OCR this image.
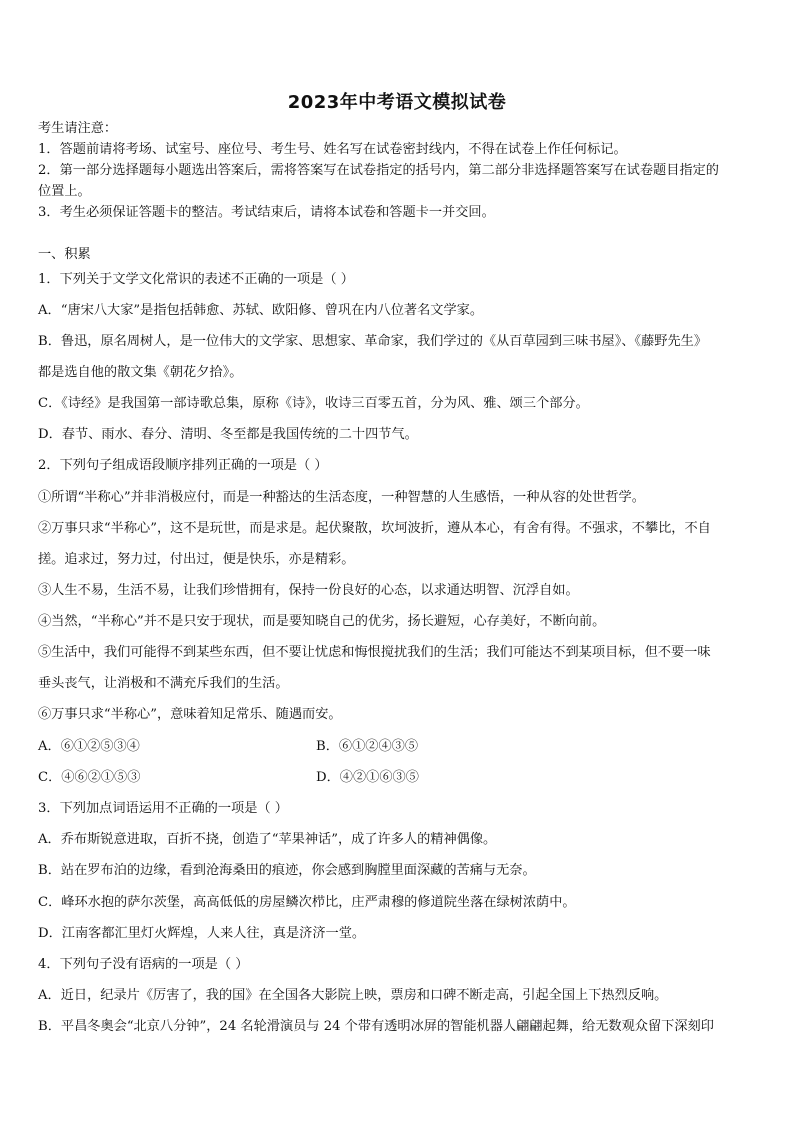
2023年中考语文模拟试卷
考生请注意：
1．答题前请将考场、试室号、座位号、考生号、姓名写在试卷密封线内，不得在试卷上作任何标记。
2．第一部分选择题每小题选出答案后，需将答案写在试卷指定的括号内，第二部分非选择题答案写在试卷题目指定的
位置上。
3．考生必须保证答题卡的整洁。考试结束后，请将本试卷和答题卡一并交回。
一、积累
1．下列关于文学文化常识的表述不正确的一项是（ ）
A．“唐宋八大家”是指包括韩愈、苏轼、欧阳修、曾巩在内八位著名文学家。
B．鲁迅，原名周树人，是一位伟大的文学家、思想家、革命家，我们学过的《从百草园到三味书屋》、《藤野先生》
都是选自他的散文集《朝花夕拾》。
C．《诗经》是我国第一部诗歌总集，原称《诗》，收诗三百零五首，分为风、雅、颂三个部分。
D．春节、雨水、春分、清明、冬至都是我国传统的二十四节气。
2．下列句子组成语段顺序排列正确的一项是（ ）
①所谓“半称心”并非消极应付，而是一种豁达的生活态度，一种智慧的人生感悟，一种从容的处世哲学。
②万事只求“半称心”，这不是玩世，而是求是。起伏聚散，坎坷波折，遵从本心，有舍有得。不强求，不攀比，不自
搓。追求过，努力过，付出过，便是快乐，亦是精彩。
③人生不易，生活不易，让我们珍惜拥有，保持一份良好的心态，以求通达明智、沉浮自如。
④当然，“半称心”并不是只安于现状，而是要知晓自己的优劣，扬长避短，心存美好，不断向前。
⑤生活中，我们可能得不到某些东西，但不要让忧虑和悔恨搅扰我们的生活；我们可能达不到某项目标，但不要一味
垂头丧气，让消极和不满充斥我们的生活。
⑥万事只求“半称心”，意味着知足常乐、随遇而安。
A．⑥①②⑤③④	B．⑥①②④③⑤
C．④⑥②①⑤③	D．④②①⑥③⑤
3．下列加点词语运用不正确的一项是（ ）
A．乔布斯锐意进取，百折不挠，创造了“苹果神话”，成了许多人的精神偶像。
B．站在罗布泊的边缘，看到沧海桑田的痕迹，你会感到胸膛里面深藏的苦痛与无奈。
C．峰环水抱的萨尔茨堡，高高低低的房屋鳞次栉比，庄严肃穆的修道院坐落在绿树浓荫中。
D．江南客都汇里灯火辉煌，人来人往，真是济济一堂。
4．下列句子没有语病的一项是（ ）
A．近日，纪录片《厉害了，我的国》在全国各大影院上映，票房和口碑不断走高，引起全国上下热烈反响。
B．平昌冬奥会“北京八分钟”，24 名轮滑演员与 24 个带有透明冰屏的智能机器人翩翩起舞，给无数观众留下深刻印
